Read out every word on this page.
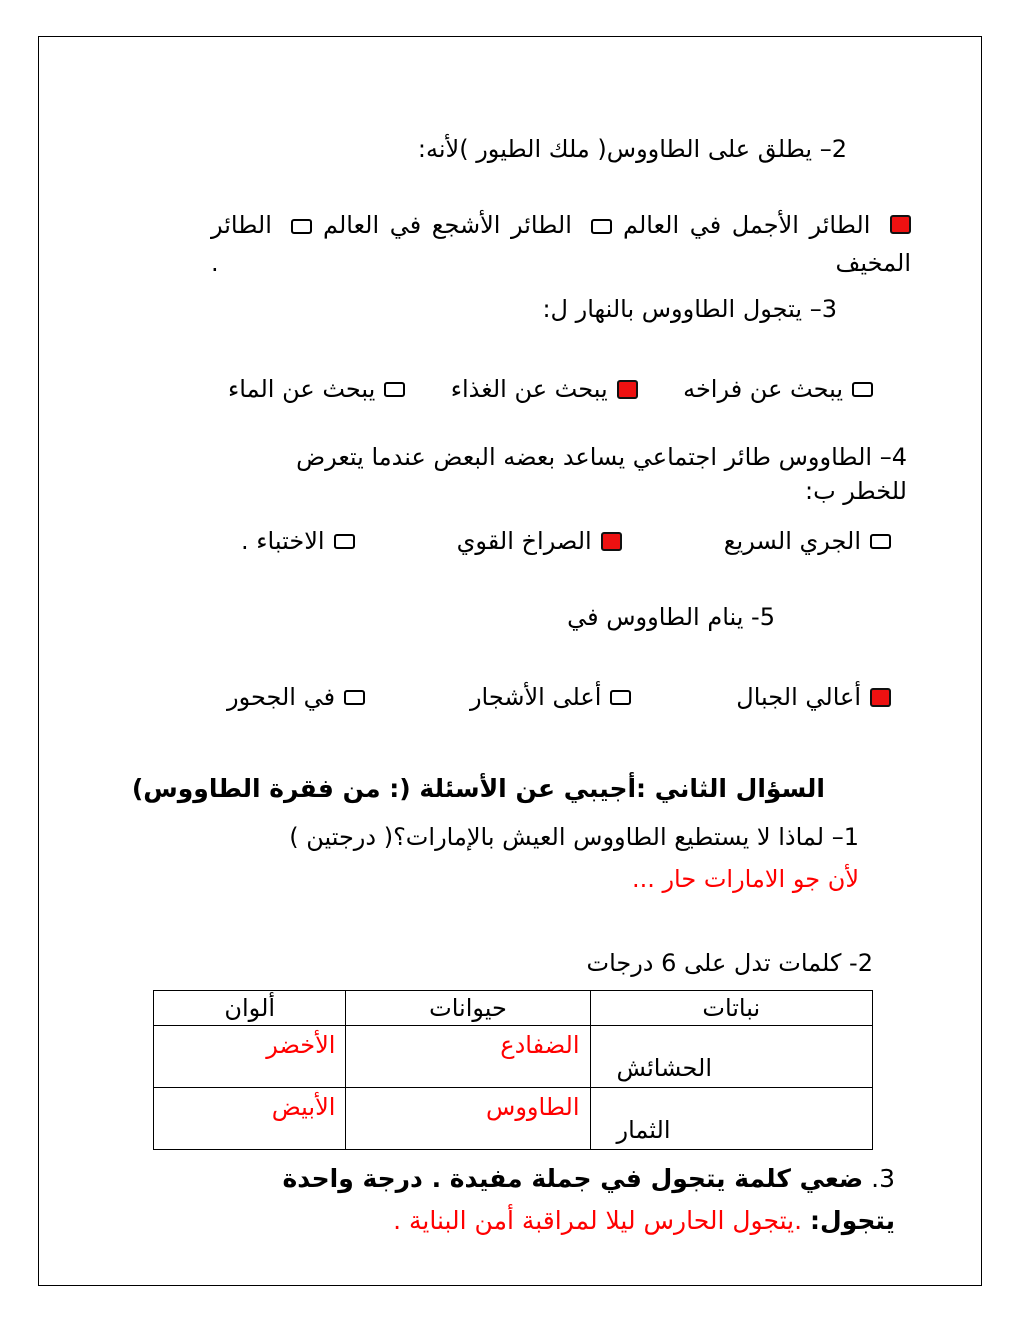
2– يطلق على الطاووس( ملك الطيور )لأنه:

الطائر الأجمل في العالم  الطائر الأشجع في العالم  الطائر المخيف .

3– يتجول الطاووس بالنهار ل:

يبحث عن فراخه
يبحث عن الغذاء
يبحث عن الماء

4– الطاووس طائر اجتماعي يساعد بعضه البعض عندما يتعرض للخطر ب:

الجري السريع
الصراخ القوي
الاختباء .

5- ينام الطاووس في

أعالي الجبال
أعلى الأشجار
في الجحور

السؤال الثاني :أجيبي عن الأسئلة (: من فقرة الطاووس)

1– لماذا لا يستطيع الطاووس العيش بالإمارات؟( درجتين )

لأن جو الامارات حار ...

2- كلمات تدل على 6 درجات

نباتات	حيوانات	ألوان
الحشائش	الضفادع	الأخضر
الثمار	الطاووس	الأبيض

3. ضعي كلمة يتجول في جملة مفيدة . درجة واحدة

يتجول: .يتجول الحارس ليلا لمراقبة أمن البناية .
